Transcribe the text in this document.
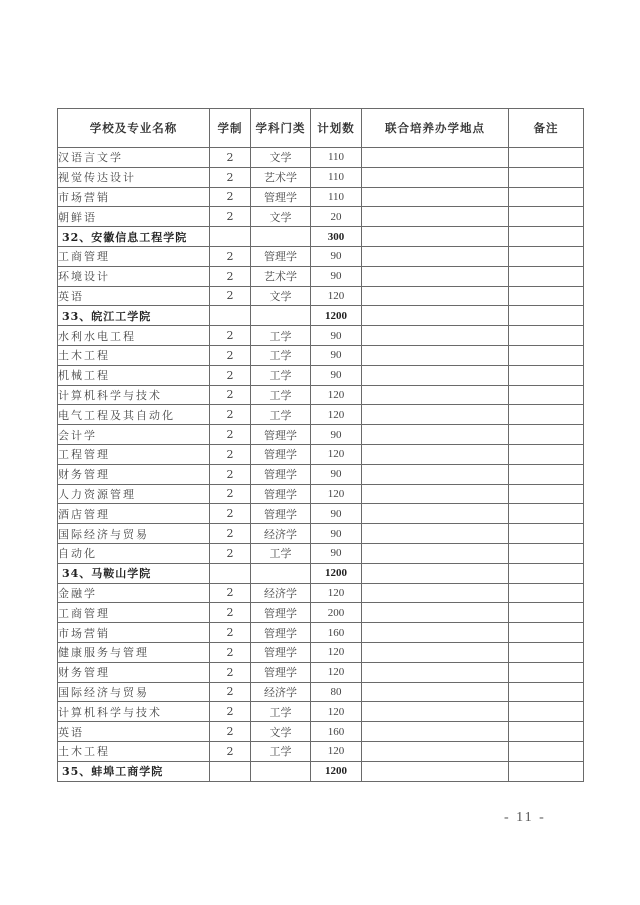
学校及专业名称	学制	学科门类	计划数	联合培养办学地点	备注
汉语言文学	2	文学	110		
视觉传达设计	2	艺术学	110		
市场营销	2	管理学	110		
朝鲜语	2	文学	20		
32、安徽信息工程学院			300		
工商管理	2	管理学	90		
环境设计	2	艺术学	90		
英语	2	文学	120		
33、皖江工学院			1200		
水利水电工程	2	工学	90		
土木工程	2	工学	90		
机械工程	2	工学	90		
计算机科学与技术	2	工学	120		
电气工程及其自动化	2	工学	120		
会计学	2	管理学	90		
工程管理	2	管理学	120		
财务管理	2	管理学	90		
人力资源管理	2	管理学	120		
酒店管理	2	管理学	90		
国际经济与贸易	2	经济学	90		
自动化	2	工学	90		
34、马鞍山学院			1200		
金融学	2	经济学	120		
工商管理	2	管理学	200		
市场营销	2	管理学	160		
健康服务与管理	2	管理学	120		
财务管理	2	管理学	120		
国际经济与贸易	2	经济学	80		
计算机科学与技术	2	工学	120		
英语	2	文学	160		
土木工程	2	工学	120		
35、蚌埠工商学院			1200		
- 11 -
